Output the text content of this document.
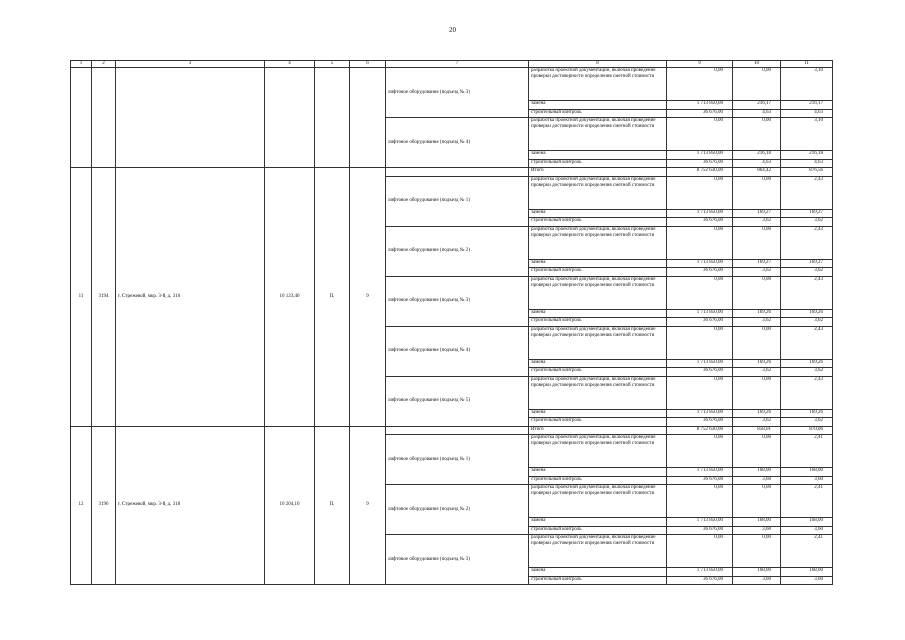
20
1	2	3	4	5	6	7	8	9	10	11
						лифтовое оборудование (подъезд № 3)	разработка проектной документации, включая проведение проверки достоверности определения сметной стоимости	0,00	0,00	3,10
							замена	1 713 850,00	216,17	216,17
							строительный контроль	36 676,00	4,63	4,63
						лифтовое оборудование (подъезд № 4)	разработка проектной документации, включая проведение проверки достоверности определения сметной стоимости	0,00	0,00	3,10
							замена	1 713 850,00	216,18	216,18
							строительный контроль	36 676,00	4,63	4,63
11	3194	г. Стрежевой, мкр. 3-й, д. 316	10 123,40	П.	9		Итого	8 752 630,00	864,42	876,56
						лифтовое оборудование (подъезд № 1)	разработка проектной документации, включая проведение проверки достоверности определения сметной стоимости	0,00	0,00	2,43
							замена	1 713 850,00	169,27	169,27
							строительный контроль	36 676,00	3,62	3,62
						лифтовое оборудование (подъезд № 2)	разработка проектной документации, включая проведение проверки достоверности определения сметной стоимости	0,00	0,00	2,43
							замена	1 713 850,00	169,27	169,27
							строительный контроль	36 676,00	3,62	3,62
						лифтовое оборудование (подъезд № 3)	разработка проектной документации, включая проведение проверки достоверности определения сметной стоимости	0,00	0,00	2,43
							замена	1 713 850,00	169,26	169,26
							строительный контроль	36 676,00	3,62	3,62
						лифтовое оборудование (подъезд № 4)	разработка проектной документации, включая проведение проверки достоверности определения сметной стоимости	0,00	0,00	2,43
							замена	1 713 850,00	169,26	169,26
							строительный контроль	36 676,00	3,62	3,62
						лифтовое оборудование (подъезд № 5)	разработка проектной документации, включая проведение проверки достоверности определения сметной стоимости	0,00	0,00	2,43
							замена	1 713 850,00	169,26	169,26
							строительный контроль	36 676,00	3,62	3,62
12	3196	г. Стрежевой, мкр. 3-й, д. 318	10 204,10	П.	9		Итого	8 752 630,00	858,01	870,06
						лифтовое оборудование (подъезд № 1)	разработка проектной документации, включая проведение проверки достоверности определения сметной стоимости	0,00	0,00	2,41
							замена	1 713 850,00	168,00	168,00
							строительный контроль	36 676,00	3,60	3,60
						лифтовое оборудование (подъезд № 2)	разработка проектной документации, включая проведение проверки достоверности определения сметной стоимости	0,00	0,00	2,41
							замена	1 713 850,00	168,00	168,00
							строительный контроль	36 676,00	3,60	3,60
						лифтовое оборудование (подъезд № 3)	разработка проектной документации, включая проведение проверки достоверности определения сметной стоимости	0,00	0,00	2,41
							замена	1 713 850,00	168,00	168,00
							строительный контроль	36 676,00	3,60	3,60
